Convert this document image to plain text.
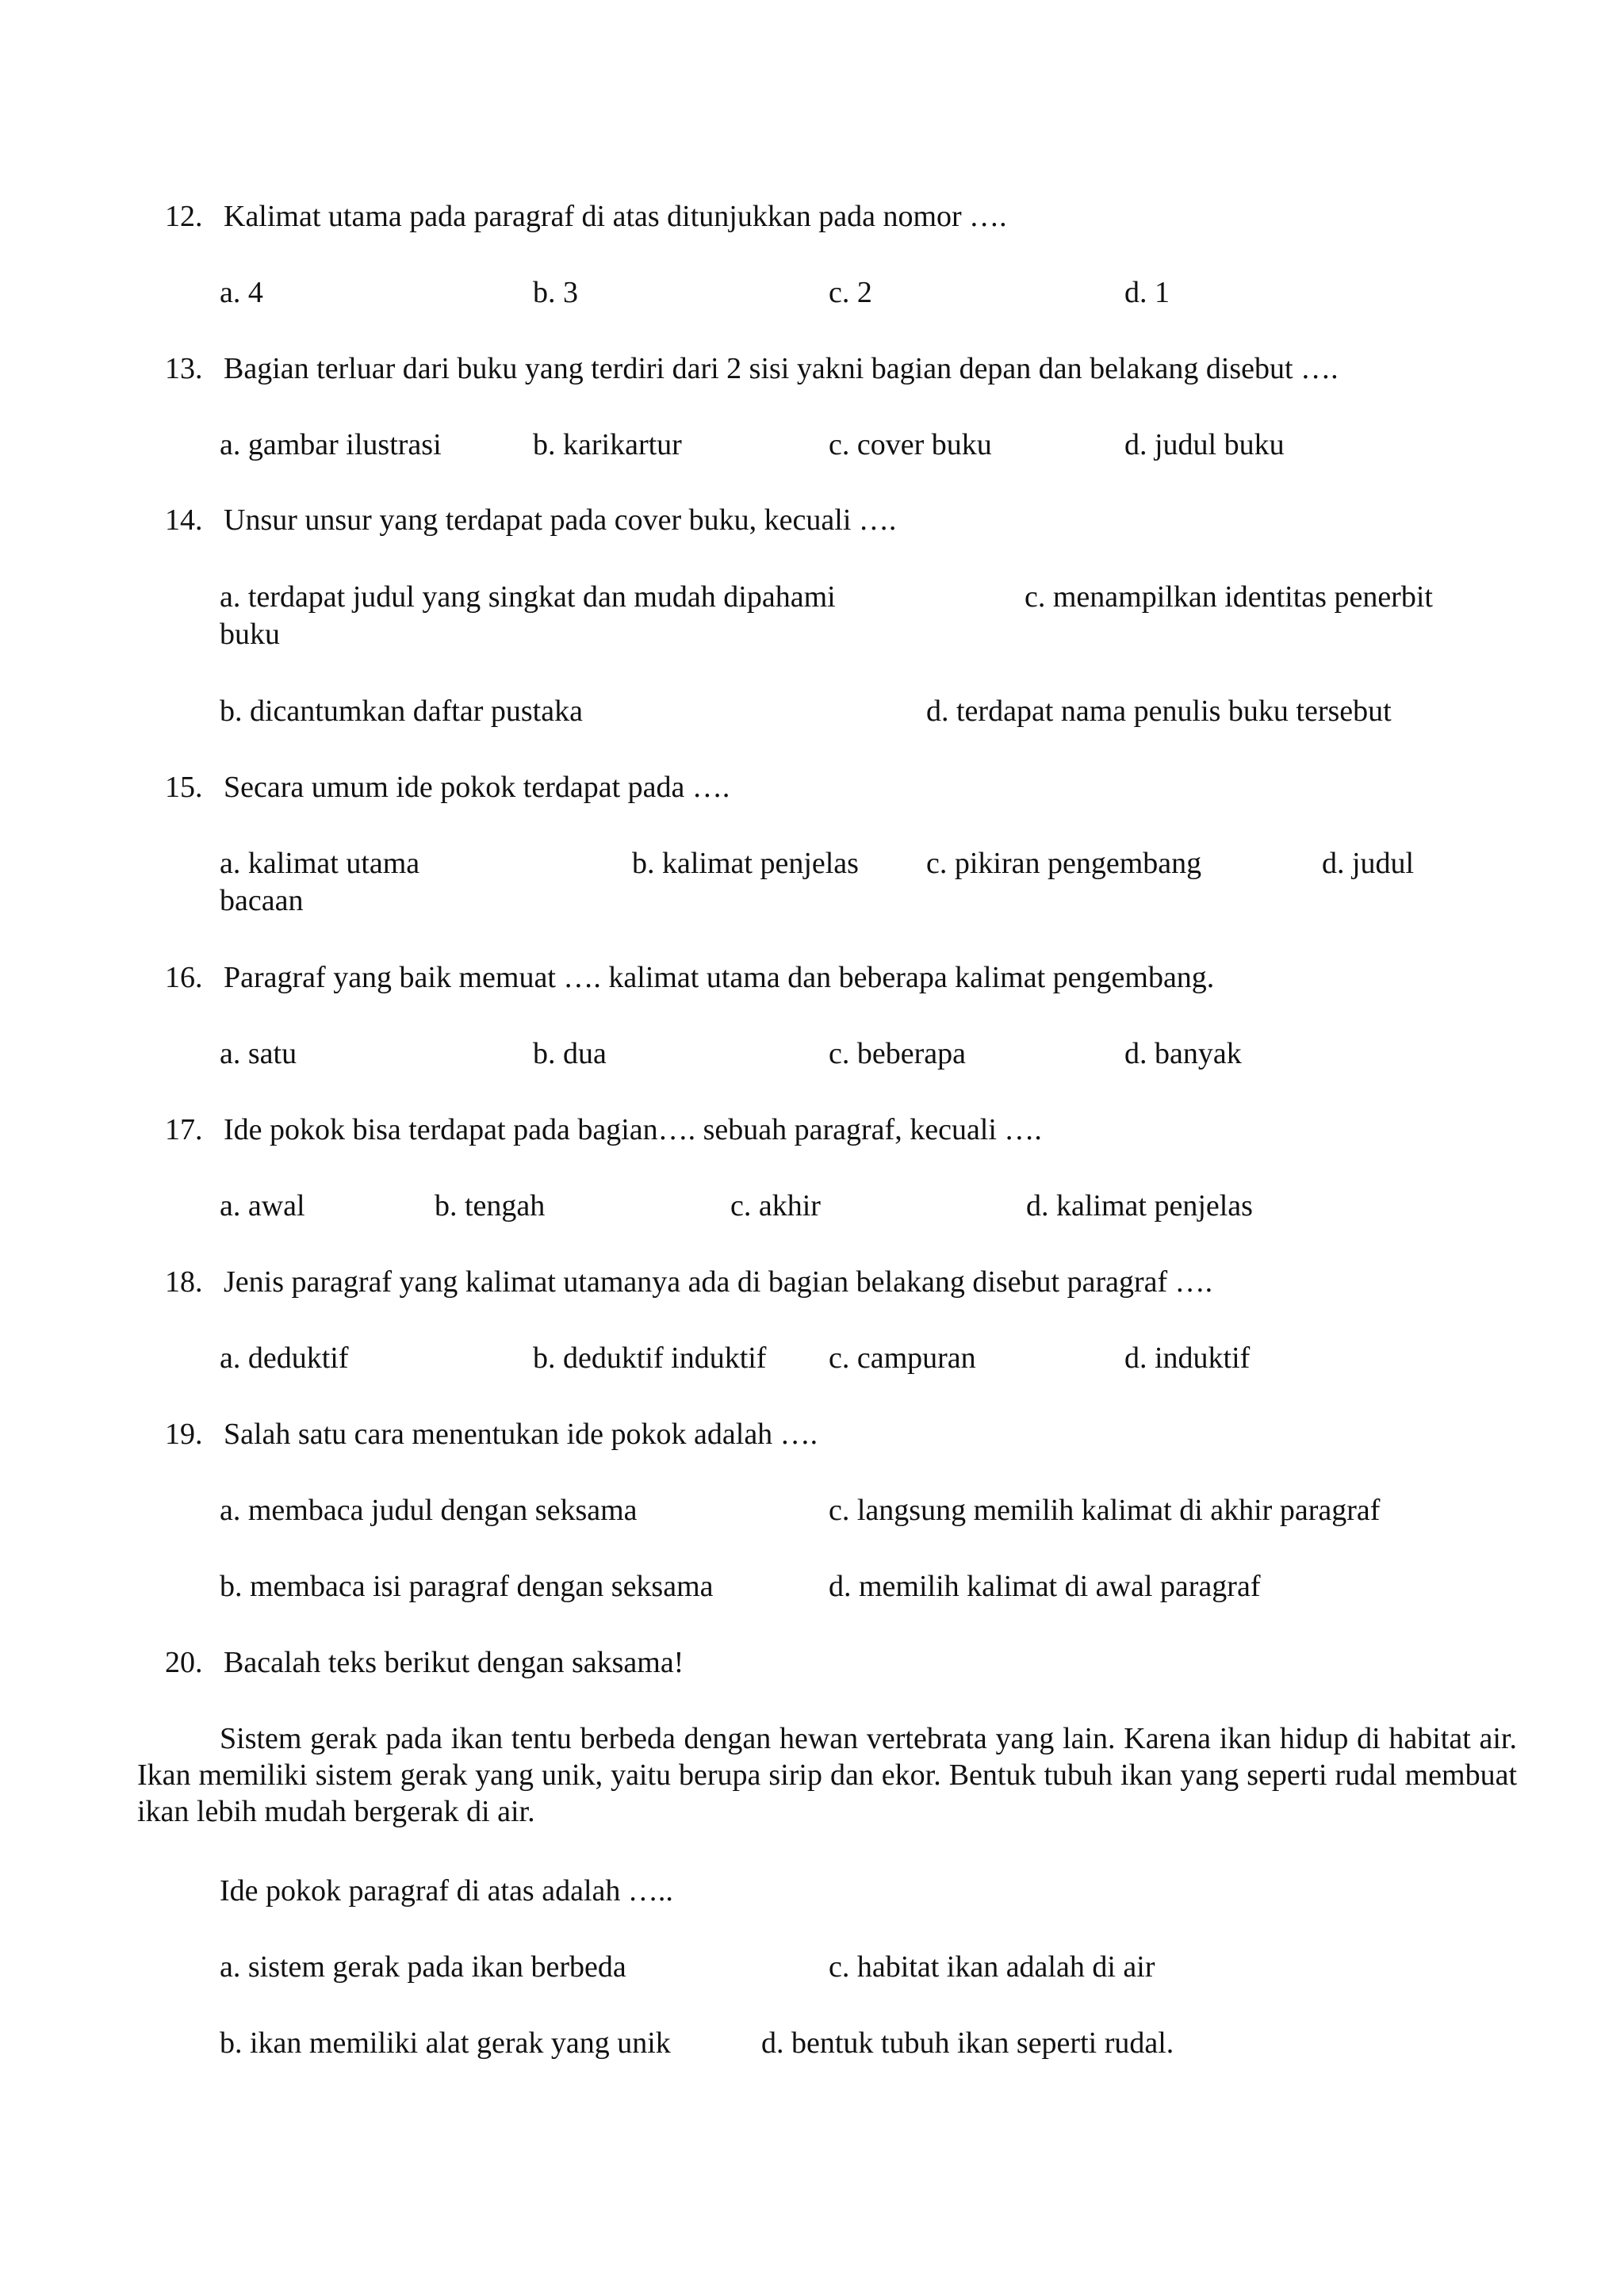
12. Kalimat utama pada paragraf di atas ditunjukkan pada nomor ….
a. 4	b. 3	c. 2	d. 1
13. Bagian terluar dari buku yang terdiri dari 2 sisi yakni bagian depan dan belakang disebut ….
a. gambar ilustrasi	b. karikartur	c. cover buku	d. judul buku
14. Unsur unsur yang terdapat pada cover buku, kecuali ….
a. terdapat judul yang singkat dan mudah dipahami	c. menampilkan identitas penerbit
buku
b. dicantumkan daftar pustaka	d. terdapat nama penulis buku tersebut
15. Secara umum ide pokok terdapat pada ….
a. kalimat utama	b. kalimat penjelas c. pikiran pengembang	d. judul
bacaan
16. Paragraf yang baik memuat …. kalimat utama dan beberapa kalimat pengembang.
a. satu	b. dua	c. beberapa	d. banyak
17. Ide pokok bisa terdapat pada bagian…. sebuah paragraf, kecuali ….
a. awal	b. tengah	c. akhir	d. kalimat penjelas
18. Jenis paragraf yang kalimat utamanya ada di bagian belakang disebut paragraf ….
a. deduktif	b. deduktif induktif c. campuran	d. induktif
19. Salah satu cara menentukan ide pokok adalah ….
a. membaca judul dengan seksama	c. langsung memilih kalimat di akhir paragraf
b. membaca isi paragraf dengan seksama	d. memilih kalimat di awal paragraf
20. Bacalah teks berikut dengan saksama!
Sistem gerak pada ikan tentu berbeda dengan hewan vertebrata yang lain. Karena ikan hidup di habitat air. Ikan memiliki sistem gerak yang unik, yaitu berupa sirip dan ekor. Bentuk tubuh ikan yang seperti rudal membuat ikan lebih mudah bergerak di air.
Ide pokok paragraf di atas adalah …..
a. sistem gerak pada ikan berbeda	c. habitat ikan adalah di air
b. ikan memiliki alat gerak yang unik	d. bentuk tubuh ikan seperti rudal.
